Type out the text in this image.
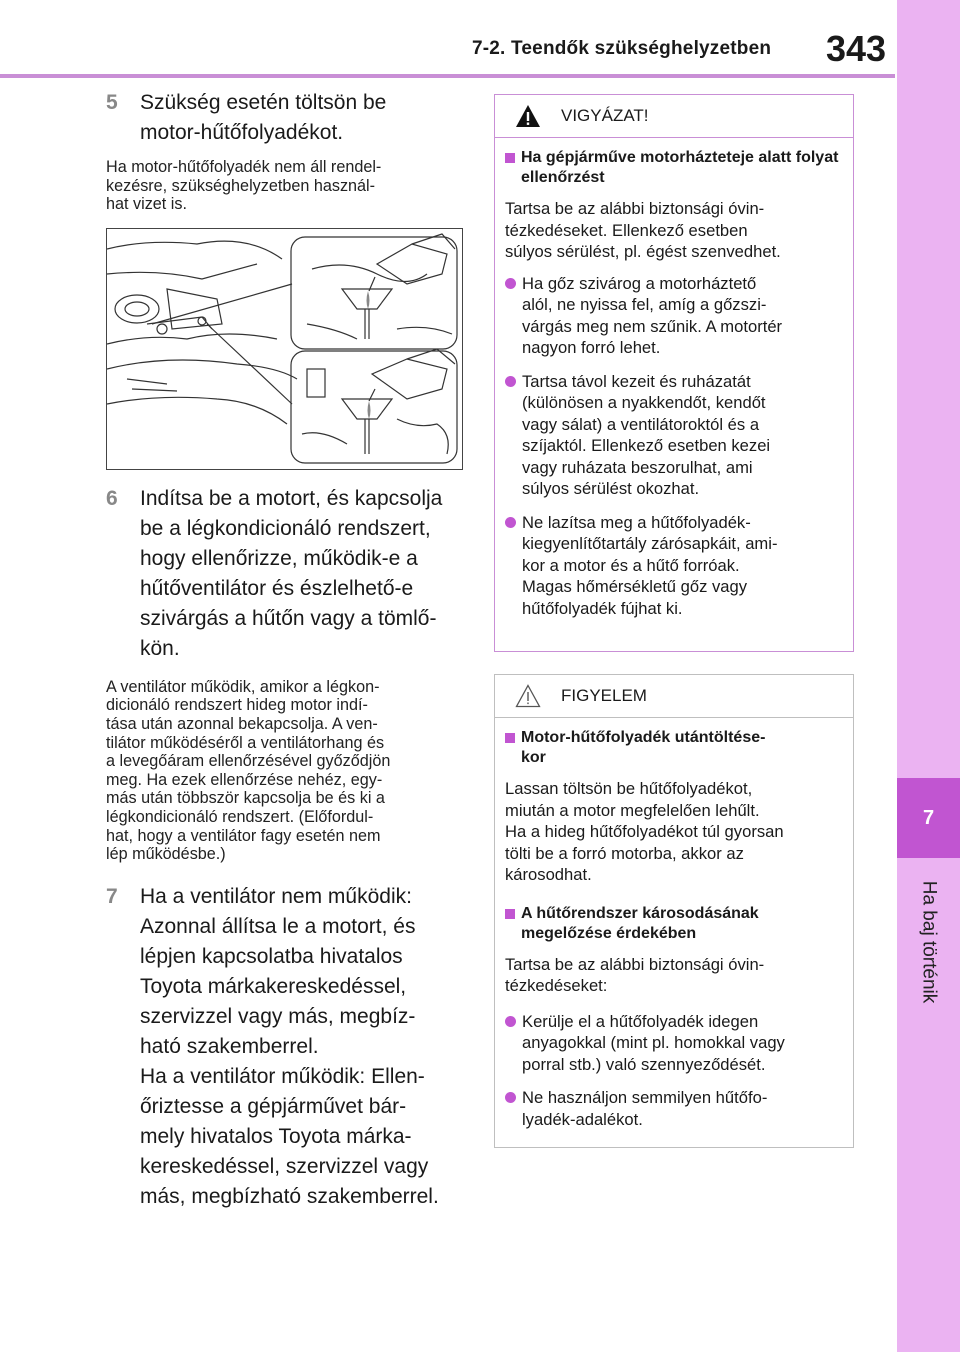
7-2. Teendők szükséghelyzetben 343
7
Ha baj történik
5	Szükség esetén töltsön be
motor-hűtőfolyadékot.
Ha motor-hűtőfolyadék nem áll rendel-
kezésre, szükséghelyzetben használ-
hat vizet is.
6	Indítsa be a motort, és kapcsolja
be a légkondicionáló rendszert,
hogy ellenőrizze, működik-e a
hűtőventilátor és észlelhető-e
szivárgás a hűtőn vagy a tömlő-
kön.
A ventilátor működik, amikor a légkon-
dicionáló rendszert hideg motor indí-
tása után azonnal bekapcsolja. A ven-
tilátor működéséről a ventilátorhang és
a levegőáram ellenőrzésével győződjön
meg. Ha ezek ellenőrzése nehéz, egy-
más után többször kapcsolja be és ki a
légkondicionáló rendszert. (Előfordul-
hat, hogy a ventilátor fagy esetén nem
lép működésbe.)
7	Ha a ventilátor nem működik:
Azonnal állítsa le a motort, és
lépjen kapcsolatba hivatalos
Toyota márkakereskedéssel,
szervizzel vagy más, megbíz-
ható szakemberrel.
Ha a ventilátor működik: Ellen-
őriztesse a gépjárművet bár-
mely hivatalos Toyota márka-
kereskedéssel, szervizzel vagy
más, megbízható szakemberrel.
VIGYÁZAT!
Ha gépjárműve motorházteteje alatt folyat ellenőrzést
Tartsa be az alábbi biztonsági óvin-
tézkedéseket. Ellenkező esetben
súlyos sérülést, pl. égést szenvedhet.
Ha gőz szivárog a motorháztető
alól, ne nyissa fel, amíg a gőzszi-
várgás meg nem szűnik. A motortér
nagyon forró lehet.
Tartsa távol kezeit és ruházatát
(különösen a nyakkendőt, kendőt
vagy sálat) a ventilátoroktól és a
szíjaktól. Ellenkező esetben kezei
vagy ruházata beszorulhat, ami
súlyos sérülést okozhat.
Ne lazítsa meg a hűtőfolyadék-
kiegyenlítőtartály zárósapkáit, ami-
kor a motor és a hűtő forróak.
Magas hőmérsékletű gőz vagy
hűtőfolyadék fújhat ki.
FIGYELEM
Motor-hűtőfolyadék utántöltése-
kor
Lassan töltsön be hűtőfolyadékot,
miután a motor megfelelően lehűlt.
Ha a hideg hűtőfolyadékot túl gyorsan
tölti be a forró motorba, akkor az
károsodhat.
A hűtőrendszer károsodásának
megelőzése érdekében
Tartsa be az alábbi biztonsági óvin-
tézkedéseket:
Kerülje el a hűtőfolyadék idegen
anyagokkal (mint pl. homokkal vagy
porral stb.) való szennyeződését.
Ne használjon semmilyen hűtőfo-
lyadék-adalékot.
